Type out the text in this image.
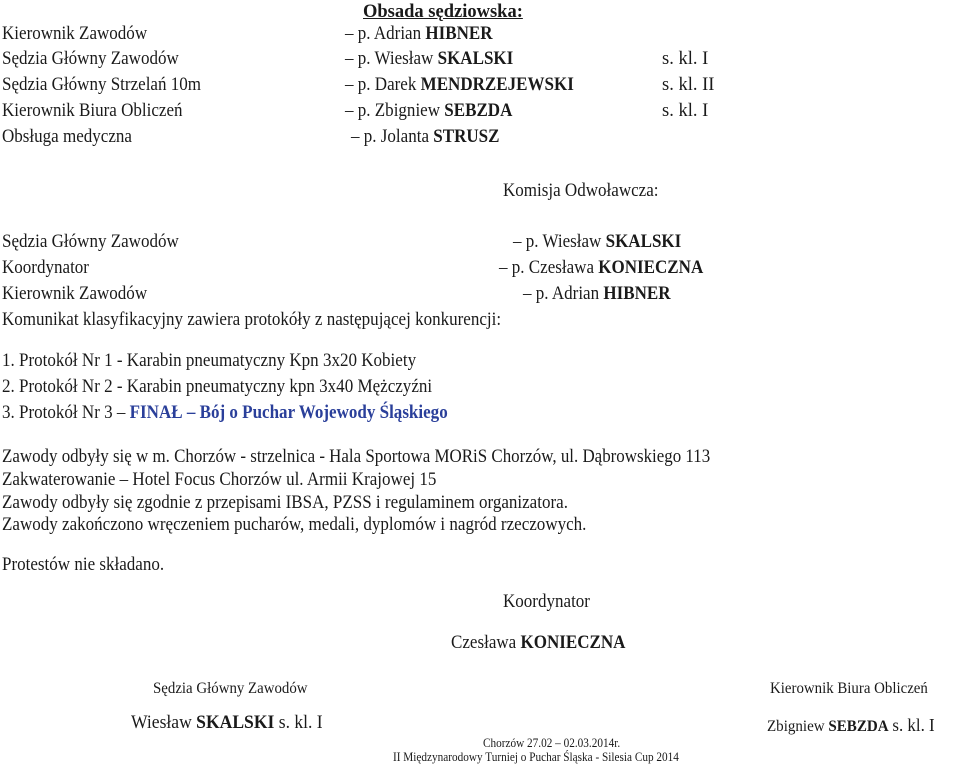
Obsada sędziowska:
Kierownik Zawodów	– p. Adrian HIBNER
Sędzia Główny Zawodów	– p. Wiesław SKALSKI	s. kl. I
Sędzia Główny Strzelań 10m	– p. Darek MENDRZEJEWSKI	s. kl. II
Kierownik Biura Obliczeń	– p. Zbigniew SEBZDA	s. kl. I
Obsługa medyczna	– p. Jolanta STRUSZ
Komisja Odwoławcza:
Sędzia Główny Zawodów	– p. Wiesław SKALSKI
Koordynator	– p. Czesława KONIECZNA
Kierownik Zawodów	– p. Adrian HIBNER
Komunikat klasyfikacyjny zawiera protokóły z następującej konkurencji:
1. Protokół Nr 1 - Karabin pneumatyczny Kpn 3x20 Kobiety
2. Protokół Nr 2 - Karabin pneumatyczny kpn 3x40 Mężczyźni
3. Protokół Nr 3 – FINAŁ – Bój o Puchar Wojewody Śląskiego
Zawody odbyły się w m. Chorzów - strzelnica - Hala Sportowa MORiS Chorzów, ul. Dąbrowskiego 113
Zakwaterowanie – Hotel Focus Chorzów ul. Armii Krajowej 15
Zawody odbyły się zgodnie z przepisami IBSA, PZSS i regulaminem organizatora.
Zawody zakończono wręczeniem pucharów, medali, dyplomów i nagród rzeczowych.
Protestów nie składano.
Koordynator
Czesława KONIECZNA
Sędzia Główny Zawodów
Wiesław SKALSKI s. kl. I
Kierownik Biura Obliczeń
Zbigniew SEBZDA s. kl. I
Chorzów 27.02 – 02.03.2014r.
II Międzynarodowy Turniej o Puchar Śląska - Silesia Cup 2014
